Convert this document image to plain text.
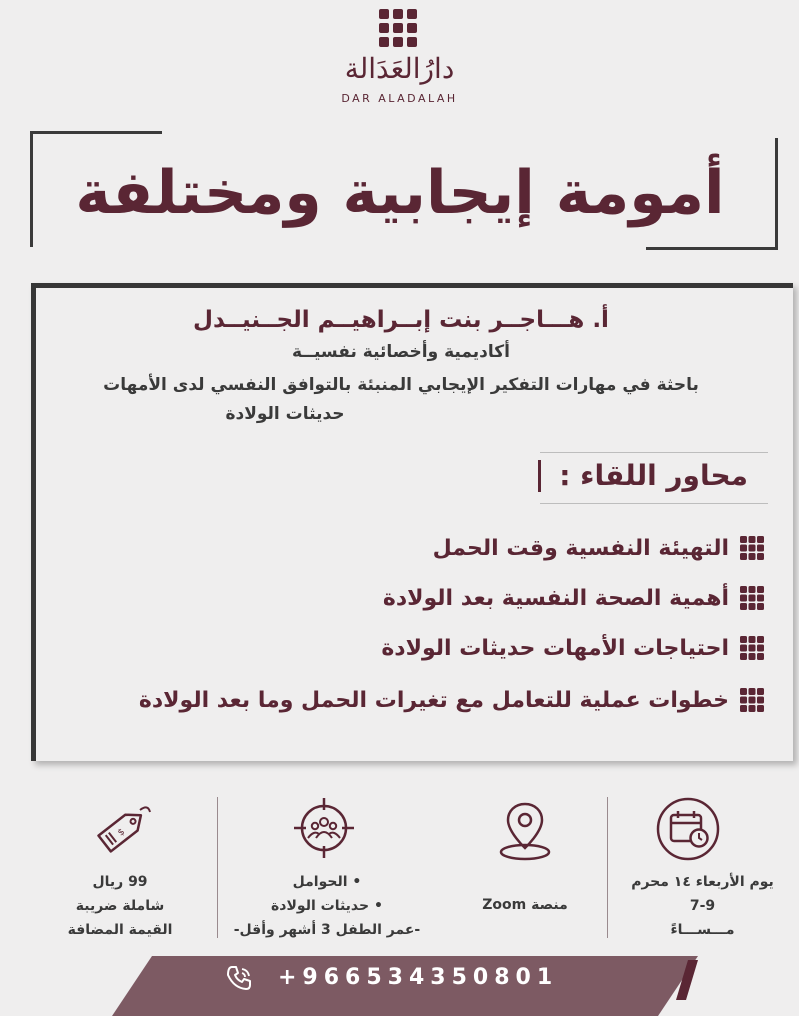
دارُالعَدَالة
DAR ALADALAH
أمومة إيجابية ومختلفة
أ. هـــاجــر بنت إبــراهيــم الجــنيــدل
أكاديمية وأخصائية نفسيــة
باحثة في مهارات التفكير الإيجابي المنبئة بالتوافق النفسي لدى الأمهات
حديثات الولادة
محاور اللقاء :
التهيئة النفسية وقت الحمل
أهمية الصحة النفسية بعد الولادة
احتياجات الأمهات حديثات الولادة
خطوات عملية للتعامل مع تغيرات الحمل وما بعد الولادة
يوم الأربعاء ١٤ محرم
7-9
مـــســـاءً
منصة Zoom
• الحوامل
• حديثات الولادة
-عمر الطفل 3 أشهر وأقل-
$
99 ريال
شاملة ضريبة
القيمة المضافة
+966534350801
